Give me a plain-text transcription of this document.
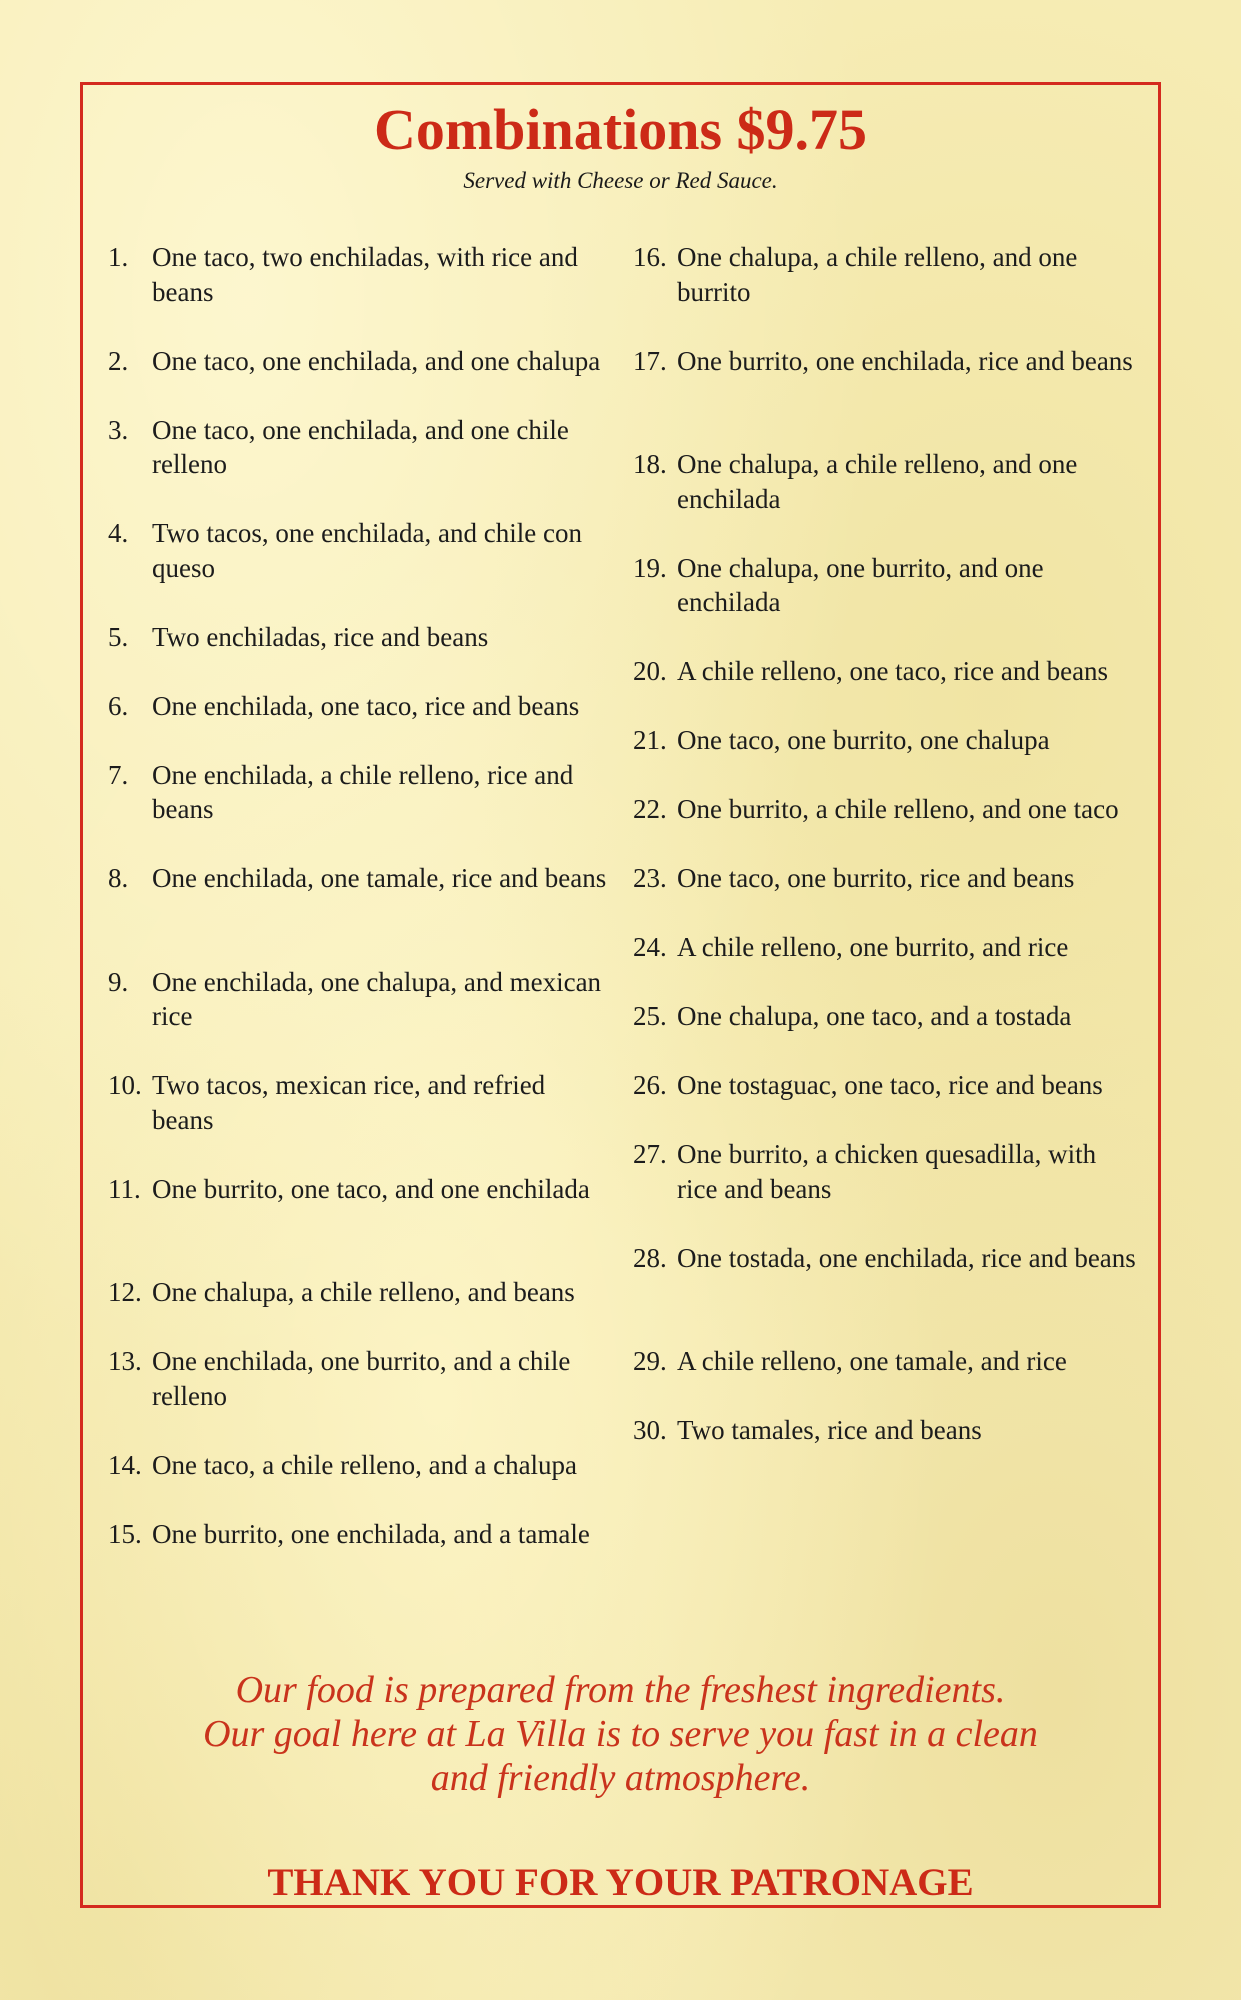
Combinations $9.75
Served with Cheese or Red Sauce.
1. One taco, two enchiladas, with rice and beans
2. One taco, one enchilada, and one chalupa
3. One taco, one enchilada, and one chile relleno
4. Two tacos, one enchilada, and chile con queso
5. Two enchiladas, rice and beans
6. One enchilada, one taco, rice and beans
7. One enchilada, a chile relleno, rice and beans
8. One enchilada, one tamale, rice and beans
9. One enchilada, one chalupa, and mexican rice
10. Two tacos, mexican rice, and refried beans
11. One burrito, one taco, and one enchilada
12. One chalupa, a chile relleno, and beans
13. One enchilada, one burrito, and a chile relleno
14. One taco, a chile relleno, and a chalupa
15. One burrito, one enchilada, and a tamale
16. One chalupa, a chile relleno, and one burrito
17. One burrito, one enchilada, rice and beans
18. One chalupa, a chile relleno, and one enchilada
19. One chalupa, one burrito, and one enchilada
20. A chile relleno, one taco, rice and beans
21. One taco, one burrito, one chalupa
22. One burrito, a chile relleno, and one taco
23. One taco, one burrito, rice and beans
24. A chile relleno, one burrito, and rice
25. One chalupa, one taco, and a tostada
26. One tostaguac, one taco, rice and beans
27. One burrito, a chicken quesadilla, with rice and beans
28. One tostada, one enchilada, rice and beans
29. A chile relleno, one tamale, and rice
30. Two tamales, rice and beans
Our food is prepared from the freshest ingredients.
Our goal here at La Villa is to serve you fast in a clean
and friendly atmosphere.
THANK YOU FOR YOUR PATRONAGE
